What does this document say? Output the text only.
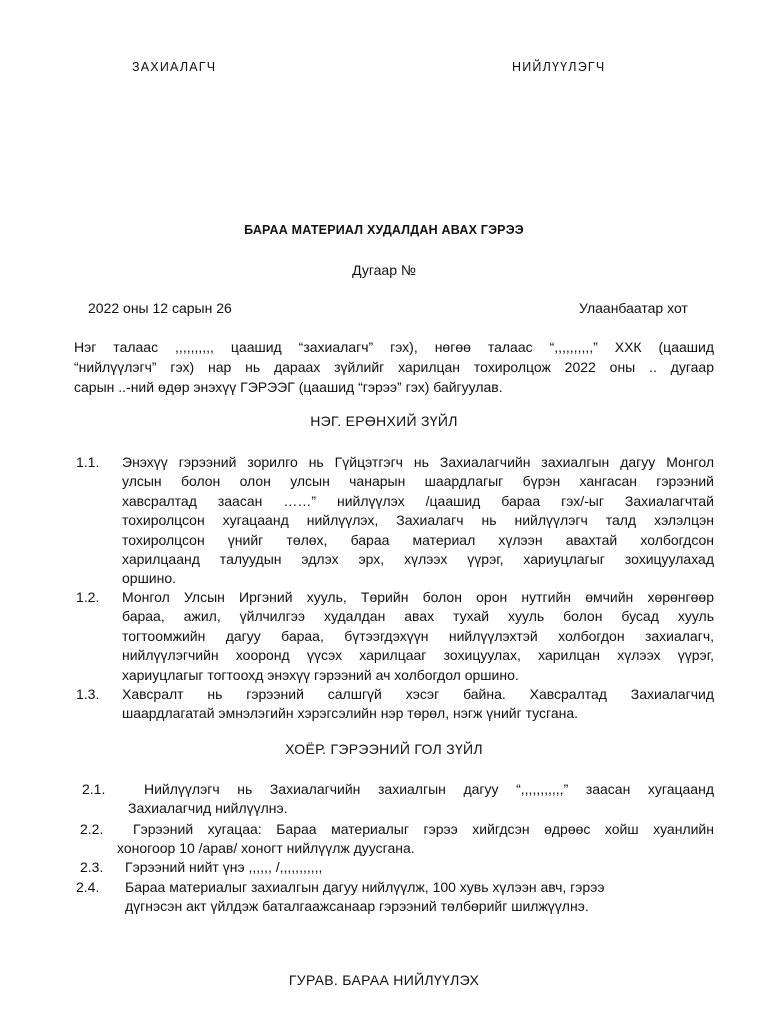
ЗАХИАЛАГЧ	НИЙЛҮҮЛЭГЧ
БАРАА МАТЕРИАЛ ХУДАЛДАН АВАХ ГЭРЭЭ
Дугаар №
2022 оны 12 сарын 26	Улаанбаатар хот
Нэг талаас ,,,,,,,,,, цаашид “захиалагч” гэх), нөгөө талаас “,,,,,,,,,,” ХХК (цаашид
“нийлүүлэгч” гэх) нар нь дараах зүйлийг харилцан тохиролцож 2022 оны .. дугаар
сарын ..-ний өдөр энэхүү ГЭРЭЭГ (цаашид “гэрээ” гэх) байгуулав.
НЭГ. ЕРӨНХИЙ ЗҮЙЛ
1.1. Энэхүү гэрээний зорилго нь Гүйцэтгэгч нь Захиалагчийн захиалгын дагуу Монгол
улсын болон олон улсын чанарын шаардлагыг бүрэн хангасан гэрээний
хавсралтад заасан ……” нийлүүлэх /цаашид бараа гэх/-ыг Захиалагчтай
тохиролцсон хугацаанд нийлүүлэх, Захиалагч нь нийлүүлэгч талд хэлэлцэн
тохиролцсон үнийг төлөх, бараа материал хүлээн авахтай холбогдсон
харилцаанд талуудын эдлэх эрх, хүлээх үүрэг, хариуцлагыг зохицуулахад
оршино.
1.2. Монгол Улсын Иргэний хууль, Төрийн болон орон нутгийн өмчийн хөрөнгөөр
бараа, ажил, үйлчилгээ худалдан авах тухай хууль болон бусад хууль
тогтоомжийн дагуу бараа, бүтээгдэхүүн нийлүүлэхтэй холбогдон захиалагч,
нийлүүлэгчийн хооронд үүсэх харилцааг зохицуулах, харилцан хүлээх үүрэг,
хариуцлагыг тогтоохд энэхүү гэрээний ач холбогдол оршино.
1.3. Хавсралт нь гэрээний салшгүй хэсэг байна. Хавсралтад Захиалагчид
шаардлагатай эмнэлэгийн хэрэгсэлийн нэр төрөл, нэгж үнийг тусгана.
ХОЁР. ГЭРЭЭНИЙ ГОЛ ЗҮЙЛ
2.1.	Нийлүүлэгч нь Захиалагчийн захиалгын дагуу “,,,,,,,,,,,” заасан хугацаанд
Захиалагчид нийлүүлнэ.
2.2.	Гэрээний хугацаа: Бараа материалыг гэрээ хийгдсэн өдрөөс хойш хуанлийн
хоногоор 10 /арав/ хоногт нийлүүлж дуусгана.
2.3. Гэрээний нийт үнэ ,,,,,, /,,,,,,,,,,,
2.4. Бараа материалыг захиалгын дагуу нийлүүлж, 100 хувь хүлээн авч, гэрээ
дүгнэсэн акт үйлдэж баталгаажсанаар гэрээний төлбөрийг шилжүүлнэ.
ГУРАВ. БАРАА НИЙЛҮҮЛЭХ
